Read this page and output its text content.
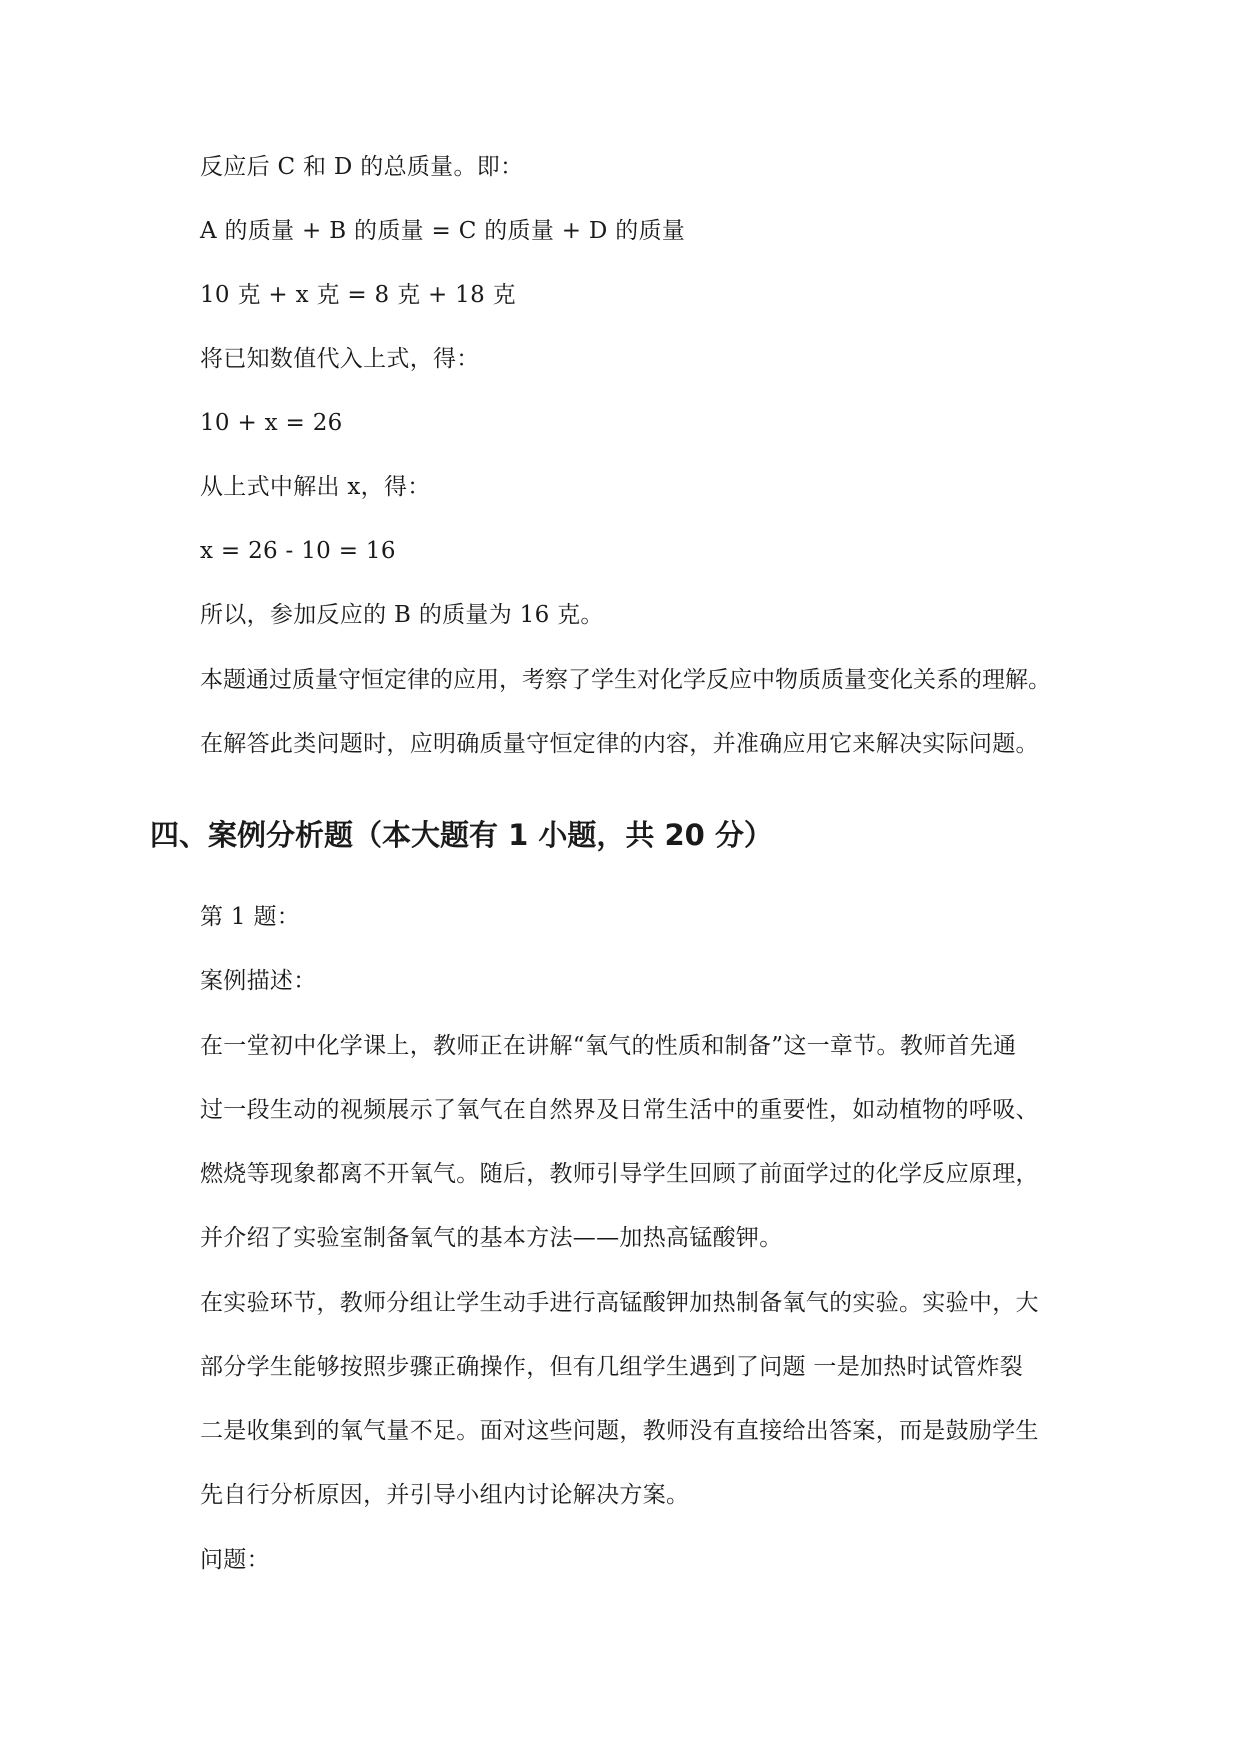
反应后 C 和 D 的总质量。即：
A 的质量 + B 的质量 = C 的质量 + D 的质量
10 克 + x 克 = 8 克 + 18 克
将已知数值代入上式，得：
10 + x = 26
从上式中解出 x，得：
x = 26 - 10 = 16
所以，参加反应的 B 的质量为 16 克。
本题通过质量守恒定律的应用，考察了学生对化学反应中物质质量变化关系的理解。
在解答此类问题时，应明确质量守恒定律的内容，并准确应用它来解决实际问题。
四、案例分析题（本大题有 1 小题，共 20 分）
第 1 题：
案例描述：
在一堂初中化学课上，教师正在讲解“氧气的性质和制备”这一章节。教师首先通
过一段生动的视频展示了氧气在自然界及日常生活中的重要性，如动植物的呼吸、
燃烧等现象都离不开氧气。随后，教师引导学生回顾了前面学过的化学反应原理，
并介绍了实验室制备氧气的基本方法——加热高锰酸钾。
在实验环节，教师分组让学生动手进行高锰酸钾加热制备氧气的实验。实验中，大
部分学生能够按照步骤正确操作，但有几组学生遇到了问题 一是加热时试管炸裂
二是收集到的氧气量不足。面对这些问题，教师没有直接给出答案，而是鼓励学生
先自行分析原因，并引导小组内讨论解决方案。
问题：
